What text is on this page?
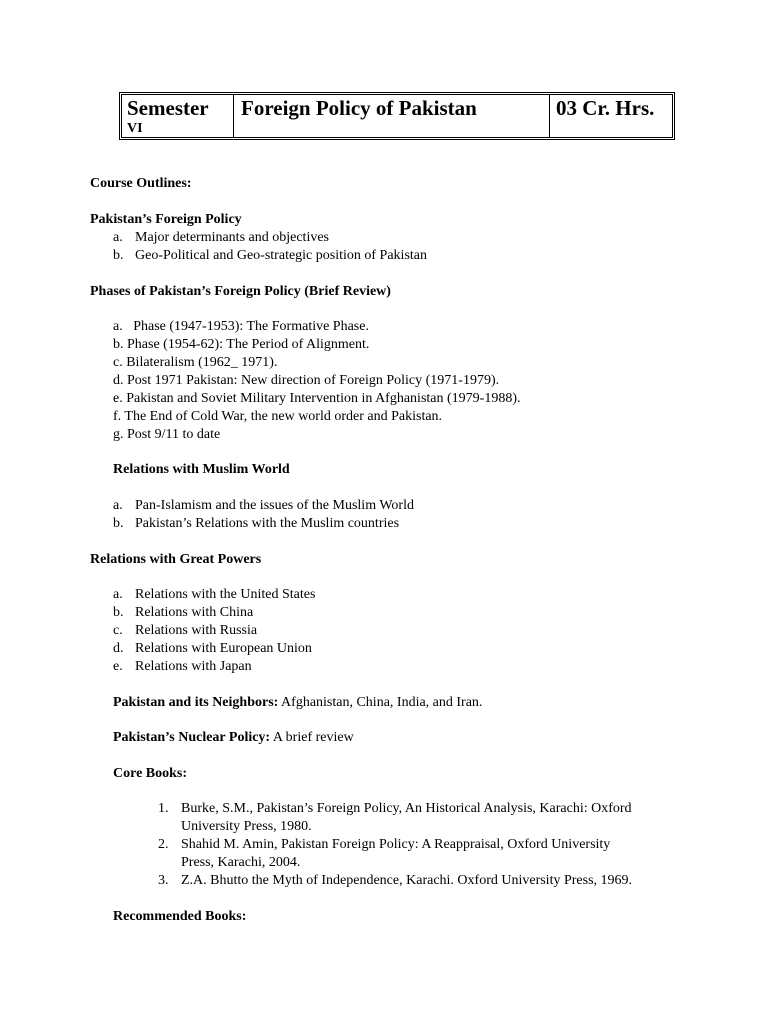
Semester
VI
Foreign Policy of Pakistan	03 Cr. Hrs.
Course Outlines:
Pakistan’s Foreign Policy
a. Major determinants and objectives
b. Geo-Political and Geo-strategic position of Pakistan
Phases of Pakistan’s Foreign Policy (Brief Review)
a.   Phase (1947-1953): The Formative Phase.
b. Phase (1954-62): The Period of Alignment.
c. Bilateralism (1962_ 1971).
d. Post 1971 Pakistan: New direction of Foreign Policy (1971-1979).
e. Pakistan and Soviet Military Intervention in Afghanistan (1979-1988).
f. The End of Cold War, the new world order and Pakistan.
g. Post 9/11 to date
Relations with Muslim World
a. Pan-Islamism and the issues of the Muslim World
b. Pakistan’s Relations with the Muslim countries
Relations with Great Powers
a. Relations with the United States
b. Relations with China
c. Relations with Russia
d. Relations with European Union
e. Relations with Japan
Pakistan and its Neighbors: Afghanistan, China, India, and Iran.
Pakistan’s Nuclear Policy: A brief review
Core Books:
1. Burke, S.M., Pakistan’s Foreign Policy, An Historical Analysis, Karachi: Oxford
University Press, 1980.
2. Shahid M. Amin, Pakistan Foreign Policy: A Reappraisal, Oxford University
Press, Karachi, 2004.
3. Z.A. Bhutto the Myth of Independence, Karachi. Oxford University Press, 1969.
Recommended Books:
